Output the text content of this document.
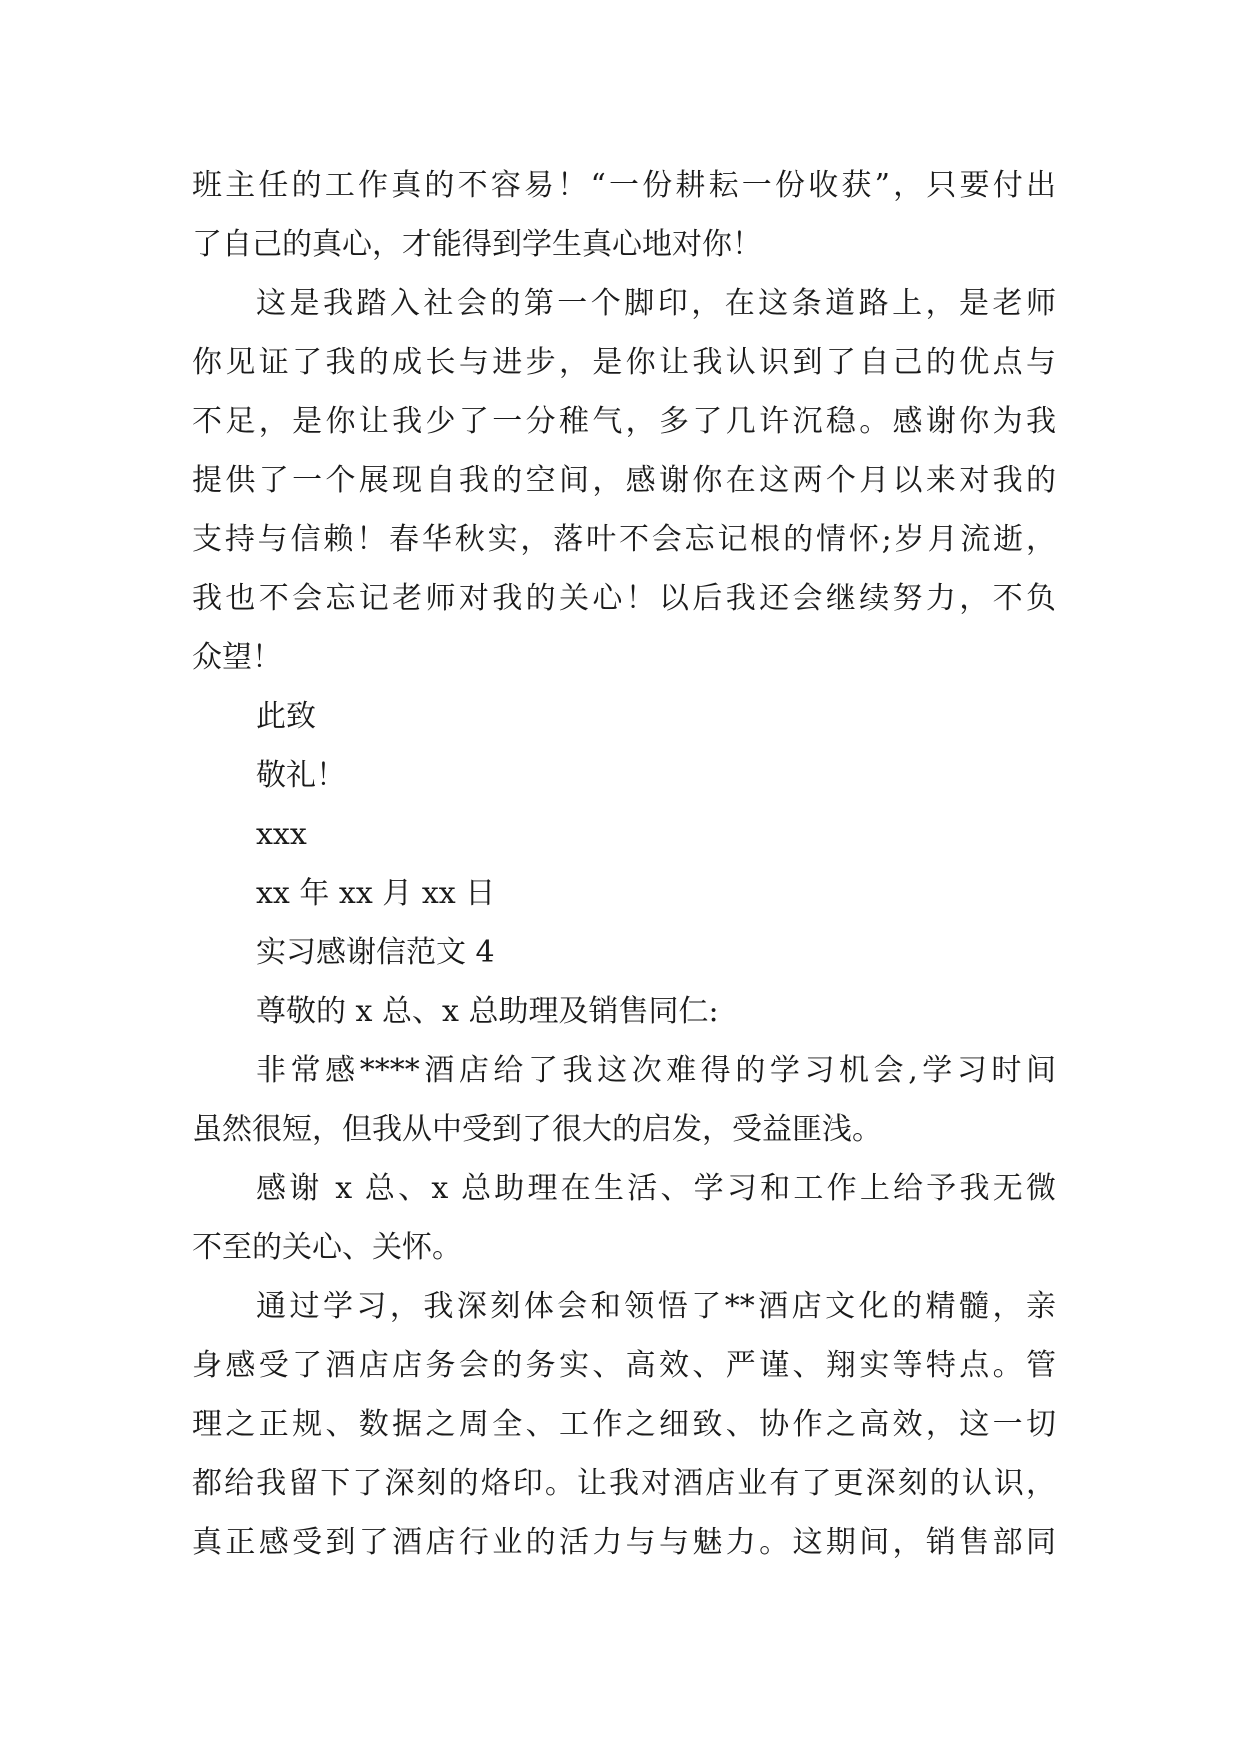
班主任的工作真的不容易！“一份耕耘一份收获”，只要付出
了自己的真心，才能得到学生真心地对你！
这是我踏入社会的第一个脚印，在这条道路上，是老师
你见证了我的成长与进步，是你让我认识到了自己的优点与
不足，是你让我少了一分稚气，多了几许沉稳。感谢你为我
提供了一个展现自我的空间，感谢你在这两个月以来对我的
支持与信赖！春华秋实，落叶不会忘记根的情怀;岁月流逝，
我也不会忘记老师对我的关心！以后我还会继续努力，不负
众望！
此致
敬礼！
xxx
xx 年 xx 月 xx 日
实习感谢信范文 4
尊敬的 x 总、x 总助理及销售同仁:
非常感****酒店给了我这次难得的学习机会,学习时间
虽然很短，但我从中受到了很大的启发，受益匪浅。
感谢 x 总、x 总助理在生活、学习和工作上给予我无微
不至的关心、关怀。
通过学习，我深刻体会和领悟了**酒店文化的精髓，亲
身感受了酒店店务会的务实、高效、严谨、翔实等特点。管
理之正规、数据之周全、工作之细致、协作之高效，这一切
都给我留下了深刻的烙印。让我对酒店业有了更深刻的认识，
真正感受到了酒店行业的活力与与魅力。这期间，销售部同
